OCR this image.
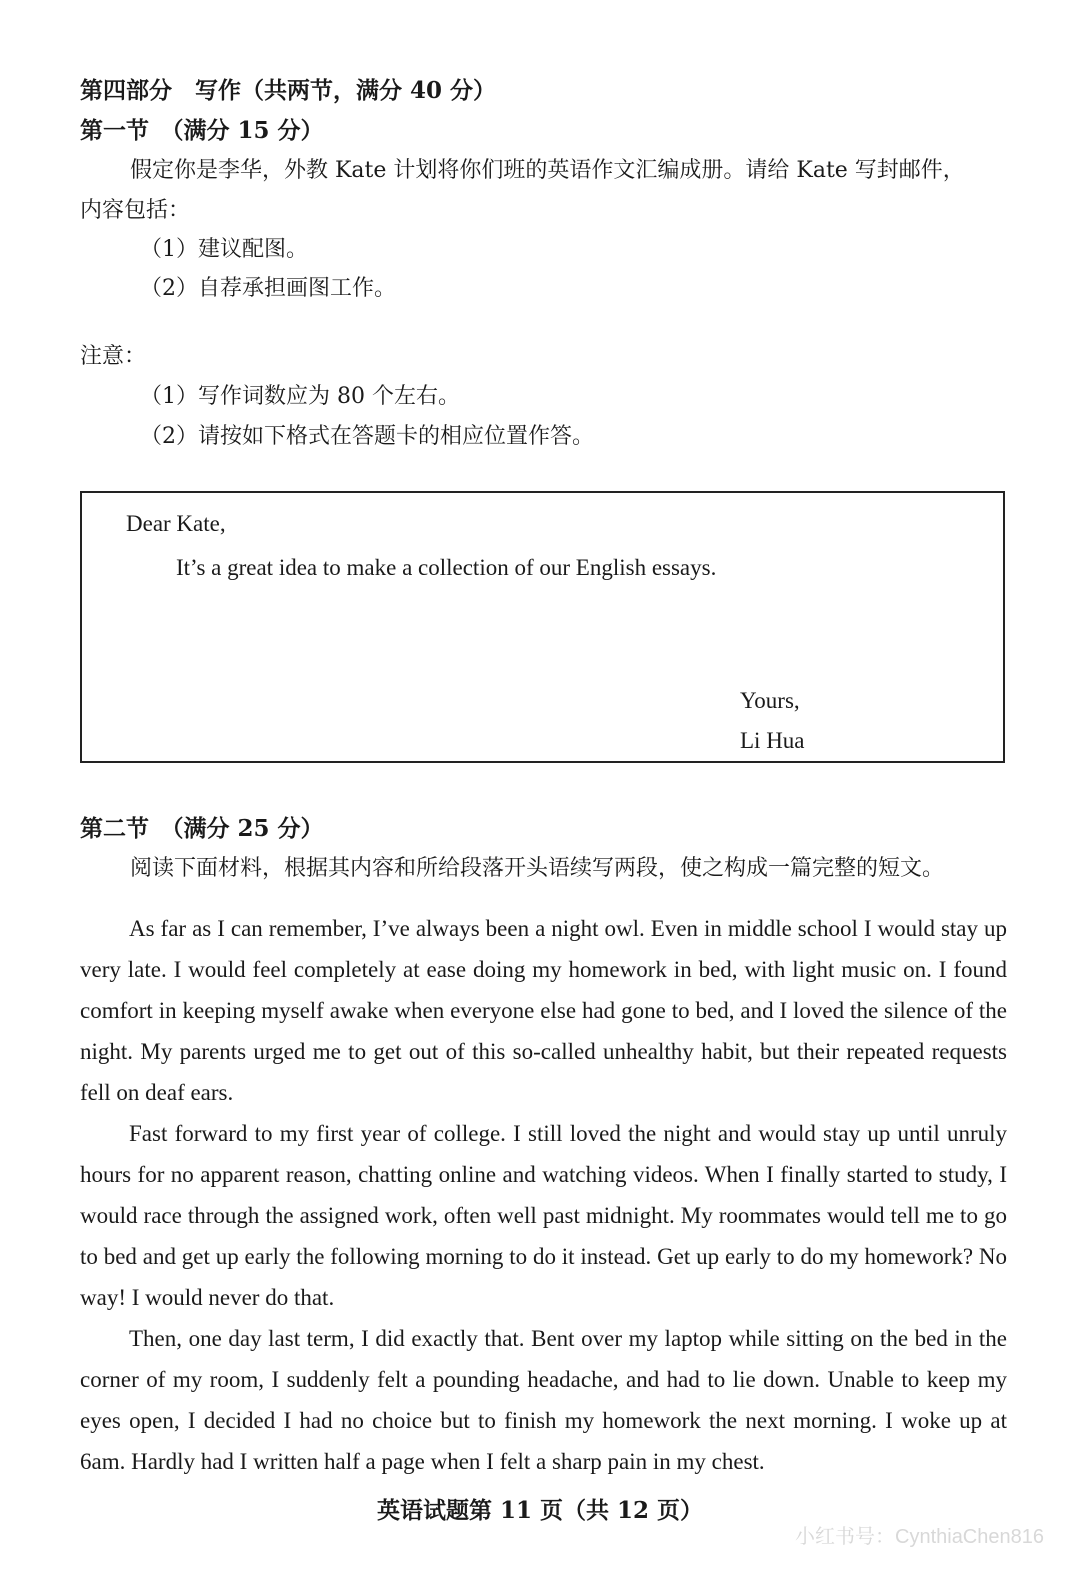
第四部分　写作（共两节，满分 40 分）
第一节　（满分 15 分）
假定你是李华，外教 Kate 计划将你们班的英语作文汇编成册。请给 Kate 写封邮件，
内容包括：
（1）建议配图。
（2）自荐承担画图工作。
注意：
（1）写作词数应为 80 个左右。
（2）请按如下格式在答题卡的相应位置作答。
Dear Kate,
It’s a great idea to make a collection of our English essays.
Yours,
Li Hua
第二节　（满分 25 分）
阅读下面材料，根据其内容和所给段落开头语续写两段，使之构成一篇完整的短文。

As far as I can remember, I’ve always been a night owl. Even in middle school I would stay up very late. I would feel completely at ease doing my homework in bed, with light music on. I found comfort in keeping myself awake when everyone else had gone to bed, and I loved the silence of the night. My parents urged me to get out of this so-called unhealthy habit, but their repeated requests fell on deaf ears.

Fast forward to my first year of college. I still loved the night and would stay up until unruly hours for no apparent reason, chatting online and watching videos. When I finally started to study, I would race through the assigned work, often well past midnight. My roommates would tell me to go to bed and get up early the following morning to do it instead. Get up early to do my homework? No way! I would never do that.

Then, one day last term, I did exactly that. Bent over my laptop while sitting on the bed in the corner of my room, I suddenly felt a pounding headache, and had to lie down. Unable to keep my eyes open, I decided I had no choice but to finish my homework the next morning. I woke up at 6am. Hardly had I written half a page when I felt a sharp pain in my chest.

英语试题第 11 页（共 12 页）
小红书号：CynthiaChen816
